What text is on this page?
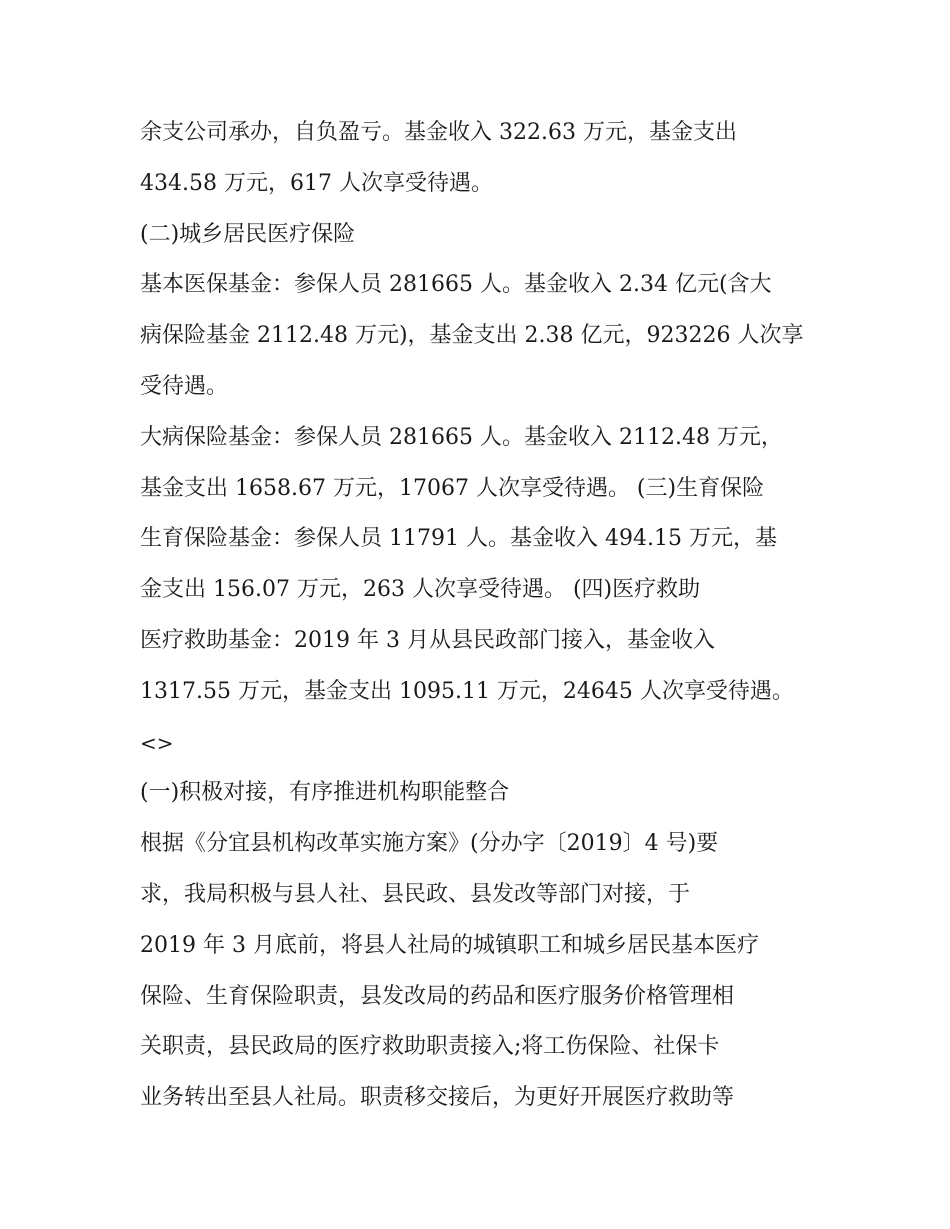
余支公司承办，自负盈亏。基金收入 322.63 万元，基金支出
434.58 万元，617 人次享受待遇。
(二)城乡居民医疗保险
基本医保基金：参保人员 281665 人。基金收入 2.34 亿元(含大
病保险基金 2112.48 万元)，基金支出 2.38 亿元，923226 人次享
受待遇。
大病保险基金：参保人员 281665 人。基金收入 2112.48 万元，
基金支出 1658.67 万元，17067 人次享受待遇。 (三)生育保险
生育保险基金：参保人员 11791 人。基金收入 494.15 万元，基
金支出 156.07 万元，263 人次享受待遇。 (四)医疗救助
医疗救助基金：2019 年 3 月从县民政部门接入，基金收入
1317.55 万元，基金支出 1095.11 万元，24645 人次享受待遇。
<>
(一)积极对接，有序推进机构职能整合
根据《分宜县机构改革实施方案》(分办字〔2019〕4 号)要
求，我局积极与县人社、县民政、县发改等部门对接，于
2019 年 3 月底前，将县人社局的城镇职工和城乡居民基本医疗
保险、生育保险职责，县发改局的药品和医疗服务价格管理相
关职责，县民政局的医疗救助职责接入;将工伤保险、社保卡
业务转出至县人社局。职责移交接后，为更好开展医疗救助等
